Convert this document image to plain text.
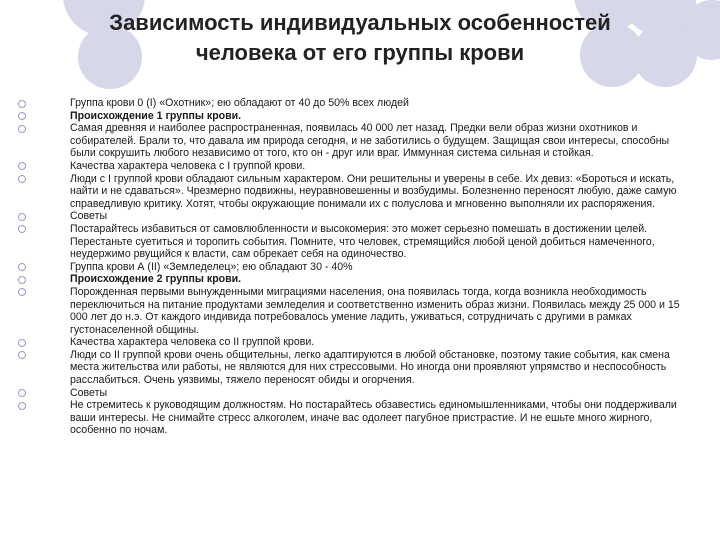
Зависимость индивидуальных особенностей человека от его группы крови
Группа крови 0 (I) «Охотник»; ею обладают от 40 до 50% всех людей
Происхождение 1 группы крови.
Самая древняя и наиболее распространенная, появилась 40 000 лет назад. Предки вели образ жизни охотников и собирателей. Брали то, что давала им природа сегодня, и не заботились о будущем. Защищая свои интересы, способны были сокрушить любого независимо от того, кто он - друг или враг. Иммунная система сильная и стойкая.
Качества характера человека с I группой крови.
Люди с I группой крови обладают сильным характером. Они решительны и уверены в себе. Их девиз: «Бороться и искать, найти и не сдаваться». Чрезмерно подвижны, неуравновешенны и возбудимы. Болезненно переносят любую, даже самую справедливую критику. Хотят, чтобы окружающие понимали их с полуслова и мгновенно выполняли их распоряжения.
Советы
Постарайтесь избавиться от самовлюбленности и высокомерия: это может серьезно помешать в достижении целей. Перестаньте суетиться и торопить события. Помните, что человек, стремящийся любой ценой добиться намеченного, неудержимо рвущийся к власти, сам обрекает себя на одиночество.
Группа крови А (II) «Земледелец»; ею обладают 30 - 40%
Происхождение 2 группы крови.
Порожденная первыми вынужденными миграциями населения, она появилась тогда, когда возникла необходимость переключиться на питание продуктами земледелия и соответственно изменить образ жизни. Появилась между 25 000 и 15 000 лет до н.э. От каждого индивида потребовалось умение ладить, уживаться, сотрудничать с другими в рамках густонаселенной общины.
Качества характера человека со II группой крови.
Люди со II группой крови очень общительны, легко адаптируются в любой обстановке, поэтому такие события, как смена места жительства или работы, не являются для них стрессовыми. Но иногда они проявляют упрямство и неспособность расслабиться. Очень уязвимы, тяжело переносят обиды и огорчения.
Советы
Не стремитесь к руководящим должностям. Но постарайтесь обзавестись единомышленниками, чтобы они поддерживали ваши интересы. Не снимайте стресс алкоголем, иначе вас одолеет пагубное пристрастие. И не ешьте много жирного, особенно по ночам.
